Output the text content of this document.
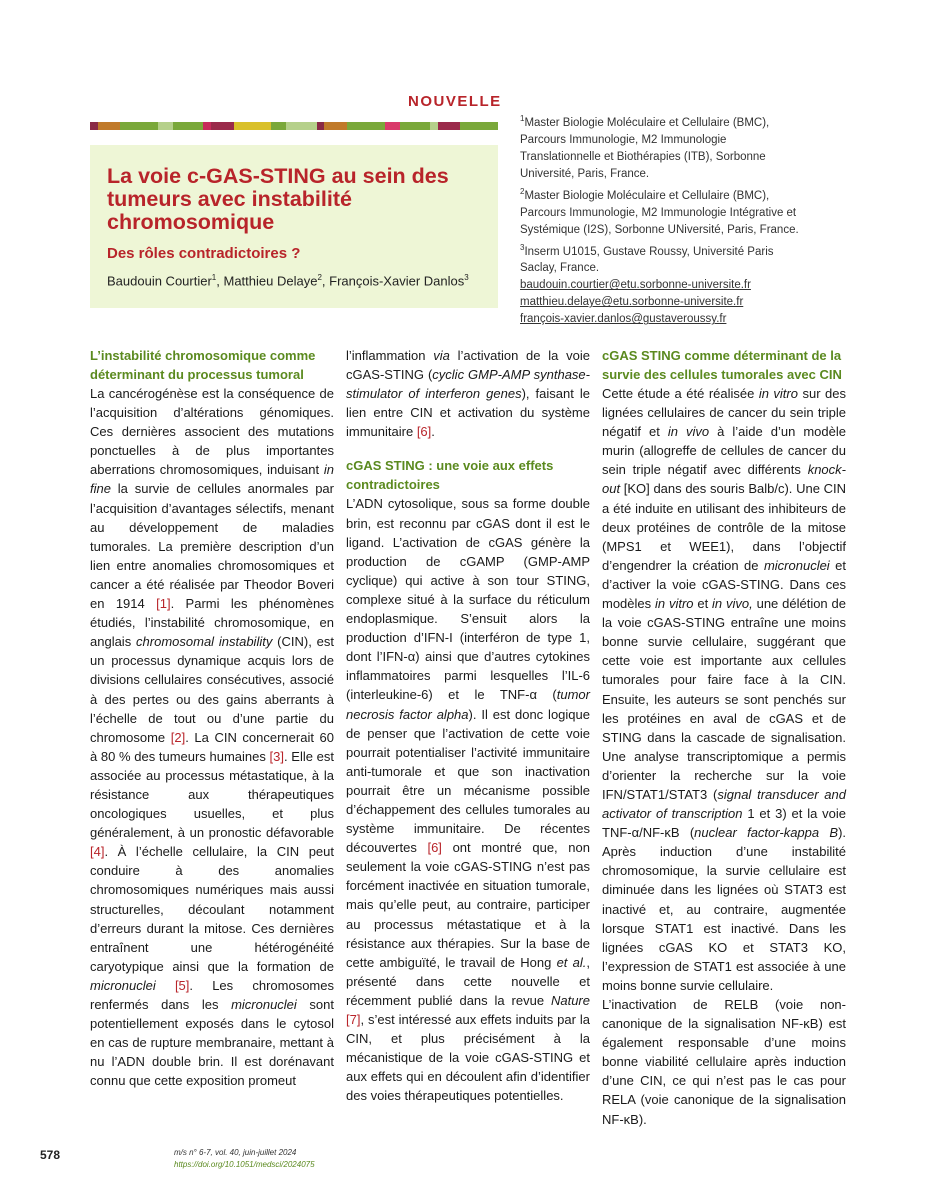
NOUVELLE
La voie c-GAS-STING au sein des tumeurs avec instabilité chromosomique
Des rôles contradictoires ?
Baudouin Courtier$^1$, Matthieu Delaye$^2$, François-Xavier Danlos$^3$

$^1$Master Biologie Moléculaire et Cellulaire (BMC), Parcours Immunologie, M2 Immunologie Translationnelle et Biothérapies (ITB), Sorbonne Université, Paris, France.

$^2$Master Biologie Moléculaire et Cellulaire (BMC), Parcours Immunologie, M2 Immunologie Intégrative et Systémique (I2S), Sorbonne UNiversité, Paris, France.

$^3$Inserm U1015, Gustave Roussy, Université Paris Saclay, France.

baudouin.courtier@etu.sorbonne-universite.fr

matthieu.delaye@etu.sorbonne-universite.fr

françois-xavier.danlos@gustaveroussy.fr

L’instabilité chromosomique comme déterminant du processus tumoral

La cancérogénèse est la conséquence de l’acquisition d’altérations génomiques. Ces dernières associent des mutations ponctuelles à de plus importantes aberrations chromosomiques, induisant in fine la survie de cellules anormales par l’acquisition d’avantages sélectifs, menant au développement de maladies tumorales. La première description d’un lien entre anomalies chromosomiques et cancer a été réalisée par Theodor Boveri en 1914 [1]. Parmi les phénomènes étudiés, l’instabilité chromosomique, en anglais chromosomal instability (CIN), est un processus dynamique acquis lors de divisions cellulaires consécutives, associé à des pertes ou des gains aberrants à l’échelle de tout ou d’une partie du chromosome [2]. La CIN concernerait 60 à 80 % des tumeurs humaines [3]. Elle est associée au processus métastatique, à la résistance aux thérapeutiques oncologiques usuelles, et plus généralement, à un pronostic défavorable [4]. À l’échelle cellulaire, la CIN peut conduire à des anomalies chromosomiques numériques mais aussi structurelles, découlant notamment d’erreurs durant la mitose. Ces dernières entraînent une hétérogénéité caryotypique ainsi que la formation de micronuclei [5]. Les chromosomes renfermés dans les micronuclei sont potentiellement exposés dans le cytosol en cas de rupture membranaire, mettant à nu l’ADN double brin. Il est dorénavant connu que cette exposition promeut

l’inflammation via l’activation de la voie cGAS-STING (cyclic GMP-AMP synthase-stimulator of interferon genes), faisant le lien entre CIN et activation du système immunitaire [6].

cGAS STING : une voie aux effets contradictoires

L’ADN cytosolique, sous sa forme double brin, est reconnu par cGAS dont il est le ligand. L’activation de cGAS génère la production de cGAMP (GMP-AMP cyclique) qui active à son tour STING, complexe situé à la surface du réticulum endoplasmique. S’ensuit alors la production d’IFN-I (interféron de type 1, dont l’IFN-α) ainsi que d’autres cytokines inflammatoires parmi lesquelles l’IL-6 (interleukine-6) et le TNF-α (tumor necrosis factor alpha). Il est donc logique de penser que l’activation de cette voie pourrait potentialiser l’activité immunitaire anti-tumorale et que son inactivation pourrait être un mécanisme possible d’échappement des cellules tumorales au système immunitaire. De récentes découvertes [6] ont montré que, non seulement la voie cGAS-STING n’est pas forcément inactivée en situation tumorale, mais qu’elle peut, au contraire, participer au processus métastatique et à la résistance aux thérapies. Sur la base de cette ambiguïté, le travail de Hong et al., présenté dans cette nouvelle et récemment publié dans la revue Nature [7], s’est intéressé aux effets induits par la CIN, et plus précisément à la mécanistique de la voie cGAS-STING et aux effets qui en découlent afin d’identifier des voies thérapeutiques potentielles.

cGAS STING comme déterminant de la survie des cellules tumorales avec CIN

Cette étude a été réalisée in vitro sur des lignées cellulaires de cancer du sein triple négatif et in vivo à l’aide d’un modèle murin (allogreffe de cellules de cancer du sein triple négatif avec différents knock-out [KO] dans des souris Balb/c). Une CIN a été induite en utilisant des inhibiteurs de deux protéines de contrôle de la mitose (MPS1 et WEE1), dans l’objectif d’engendrer la création de micronuclei et d’activer la voie cGAS-STING. Dans ces modèles in vitro et in vivo, une délétion de la voie cGAS-STING entraîne une moins bonne survie cellulaire, suggérant que cette voie est importante aux cellules tumorales pour faire face à la CIN. Ensuite, les auteurs se sont penchés sur les protéines en aval de cGAS et de STING dans la cascade de signalisation. Une analyse transcriptomique a permis d’orienter la recherche sur la voie IFN/STAT1/STAT3 (signal transducer and activator of transcription 1 et 3) et la voie TNF-α/NF-κB (nuclear factor-kappa B). Après induction d’une instabilité chromosomique, la survie cellulaire est diminuée dans les lignées où STAT3 est inactivé et, au contraire, augmentée lorsque STAT1 est inactivé. Dans les lignées cGAS KO et STAT3 KO, l’expression de STAT1 est associée à une moins bonne survie cellulaire.

L’inactivation de RELB (voie non-canonique de la signalisation NF-κB) est également responsable d’une moins bonne viabilité cellulaire après induction d’une CIN, ce qui n’est pas le cas pour RELA (voie canonique de la signalisation NF-κB).

578	m/s n° 6-7, vol. 40, juin-juillet 2024
https://doi.org/10.1051/medsci/2024075
